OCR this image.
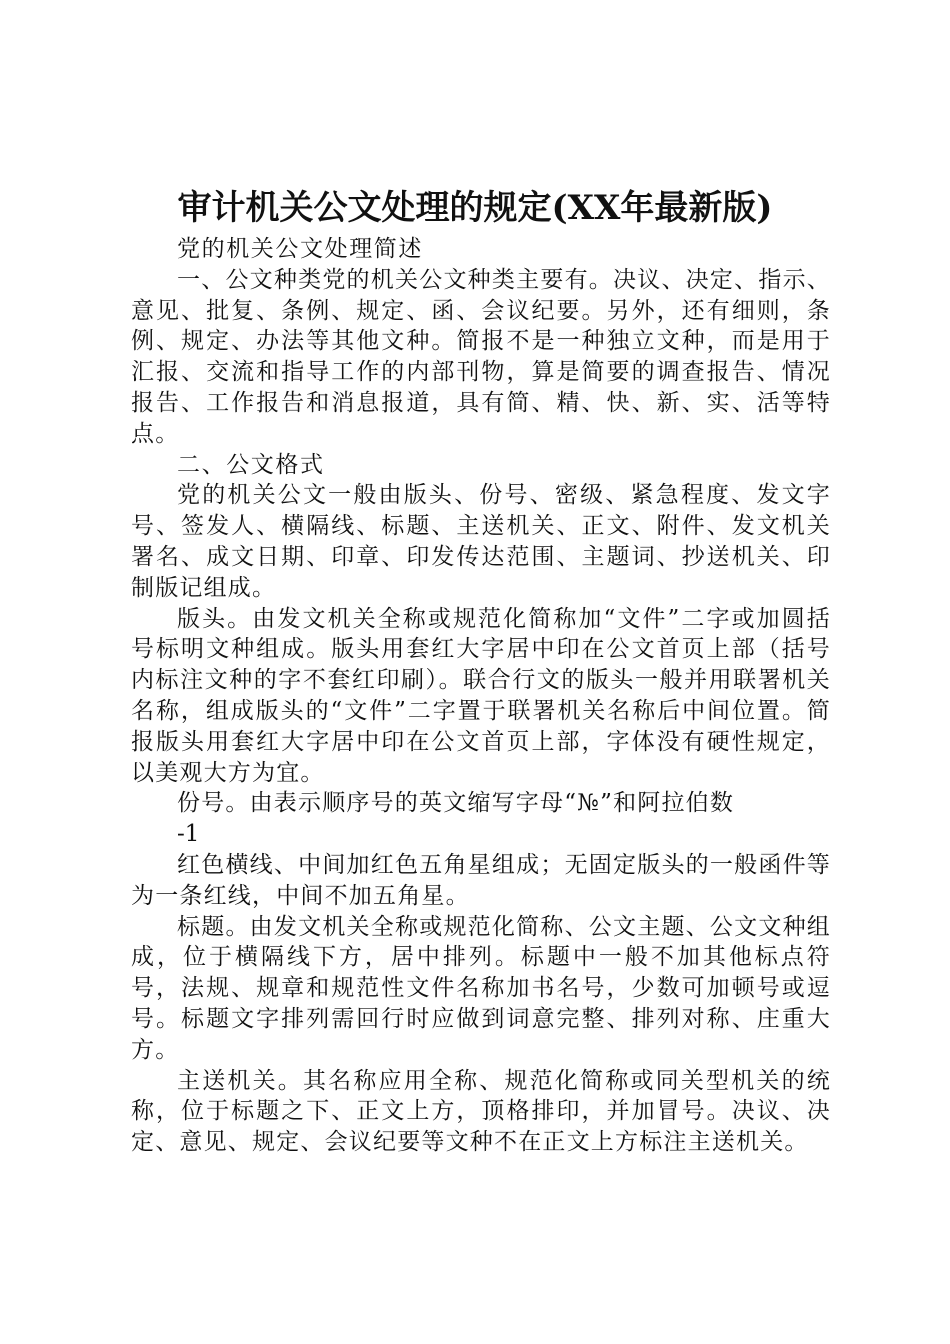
审计机关公文处理的规定(XX年最新版)

党的机关公文处理简述

一、公文种类党的机关公文种类主要有。决议、决定、指示、意见、批复、条例、规定、函、会议纪要。另外，还有细则，条例、规定、办法等其他文种。简报不是一种独立文种，而是用于汇报、交流和指导工作的内部刊物，算是简要的调查报告、情况报告、工作报告和消息报道，具有简、精、快、新、实、活等特点。

二、公文格式

党的机关公文一般由版头、份号、密级、紧急程度、发文字号、签发人、横隔线、标题、主送机关、正文、附件、发文机关署名、成文日期、印章、印发传达范围、主题词、抄送机关、印制版记组成。

版头。由发文机关全称或规范化简称加“文件”二字或加圆括号标明文种组成。版头用套红大字居中印在公文首页上部（括号内标注文种的字不套红印刷）。联合行文的版头一般并用联署机关名称，组成版头的“文件”二字置于联署机关名称后中间位置。简报版头用套红大字居中印在公文首页上部，字体没有硬性规定，以美观大方为宜。

份号。由表示顺序号的英文缩写字母“№”和阿拉伯数

-1

红色横线、中间加红色五角星组成；无固定版头的一般函件等为一条红线，中间不加五角星。

标题。由发文机关全称或规范化简称、公文主题、公文文种组成，位于横隔线下方，居中排列。标题中一般不加其他标点符号，法规、规章和规范性文件名称加书名号，少数可加顿号或逗号。标题文字排列需回行时应做到词意完整、排列对称、庄重大方。

主送机关。其名称应用全称、规范化简称或同关型机关的统称，位于标题之下、正文上方，顶格排印，并加冒号。决议、决定、意见、规定、会议纪要等文种不在正文上方标注主送机关。
